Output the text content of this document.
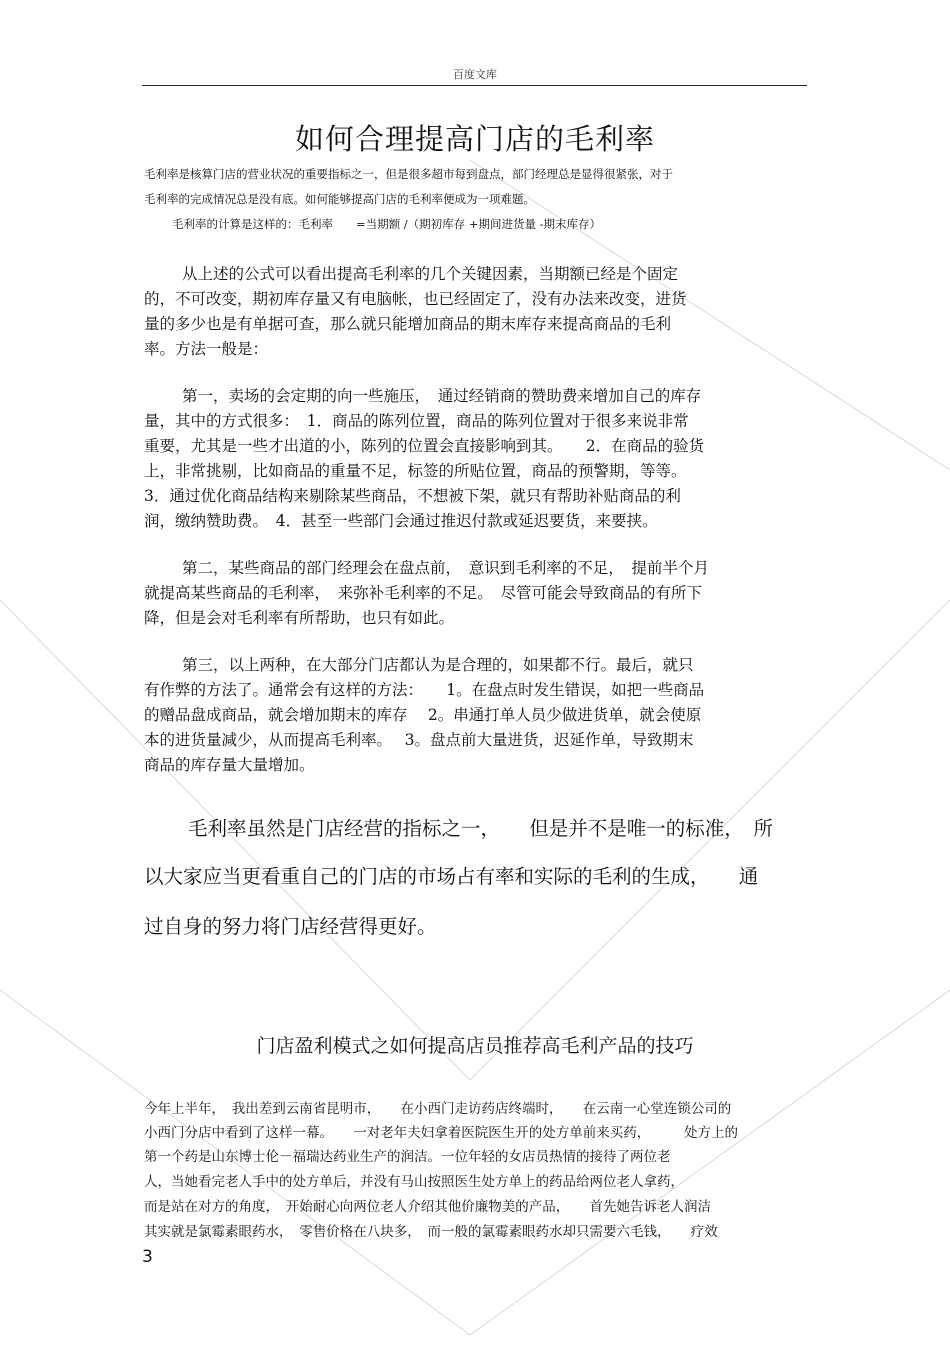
百度文库
如何合理提高门店的毛利率
毛利率是核算门店的营业状况的重要指标之一，但是很多超市每到盘点，部门经理总是显得很紧张，对于
毛利率的完成情况总是没有底。如何能够提高门店的毛利率便成为一项难题。
毛利率的计算是这样的：毛利率　　=当期额 /（期初库存 +期间进货量 -期末库存）
从上述的公式可以看出提高毛利率的几个关键因素，当期额已经是个固定
的，不可改变，期初库存量又有电脑帐，也已经固定了，没有办法来改变，进货
量的多少也是有单据可查，那么就只能增加商品的期末库存来提高商品的毛利
率。方法一般是：
第一，卖场的会定期的向一些施压，　通过经销商的赞助费来增加自己的库存
量，其中的方式很多：　1．商品的陈列位置，商品的陈列位置对于很多来说非常
重要，尤其是一些才出道的小，陈列的位置会直接影响到其。　　2．在商品的验货
上，非常挑剔，比如商品的重量不足，标签的所贴位置，商品的预警期，等等。
3．通过优化商品结构来剔除某些商品，不想被下架，就只有帮助补贴商品的利
润，缴纳赞助费。　4．甚至一些部门会通过推迟付款或延迟要货，来要挟。
第二，某些商品的部门经理会在盘点前，　意识到毛利率的不足，　提前半个月
就提高某些商品的毛利率，　来弥补毛利率的不足。　尽管可能会导致商品的有所下
降，但是会对毛利率有所帮助，也只有如此。
第三，以上两种，在大部分门店都认为是合理的，如果都不行。最后，就只
有作弊的方法了。通常会有这样的方法：　　1。在盘点时发生错误，如把一些商品
的赠品盘成商品，就会增加期末的库存　 2。串通打单人员少做进货单，就会使原
本的进货量减少，从而提高毛利率。　 3。盘点前大量进货，迟延作单，导致期末
商品的库存量大量增加。
毛利率虽然是门店经营的指标之一，　　但是并不是唯一的标准，　所
以大家应当更看重自己的门店的市场占有率和实际的毛利的生成，　　通
过自身的努力将门店经营得更好。
门店盈利模式之如何提高店员推荐高毛利产品的技巧
今年上半年，　我出差到云南省昆明市，　　在小西门走访药店终端时，　　在云南一心堂连锁公司的
小西门分店中看到了这样一幕。　　一对老年夫妇拿着医院医生开的处方单前来买药，　　　处方上的
第一个药是山东博士伦－福瑞达药业生产的润洁。一位年轻的女店员热情的接待了两位老
人，当她看完老人手中的处方单后，并没有马山按照医生处方单上的药品给两位老人拿药，
而是站在对方的角度，　开始耐心向两位老人介绍其他价廉物美的产品，　　首先她告诉老人润洁
其实就是氯霉素眼药水，　零售价格在八块多，　而一般的氯霉素眼药水却只需要六毛钱，　　疗效
3
